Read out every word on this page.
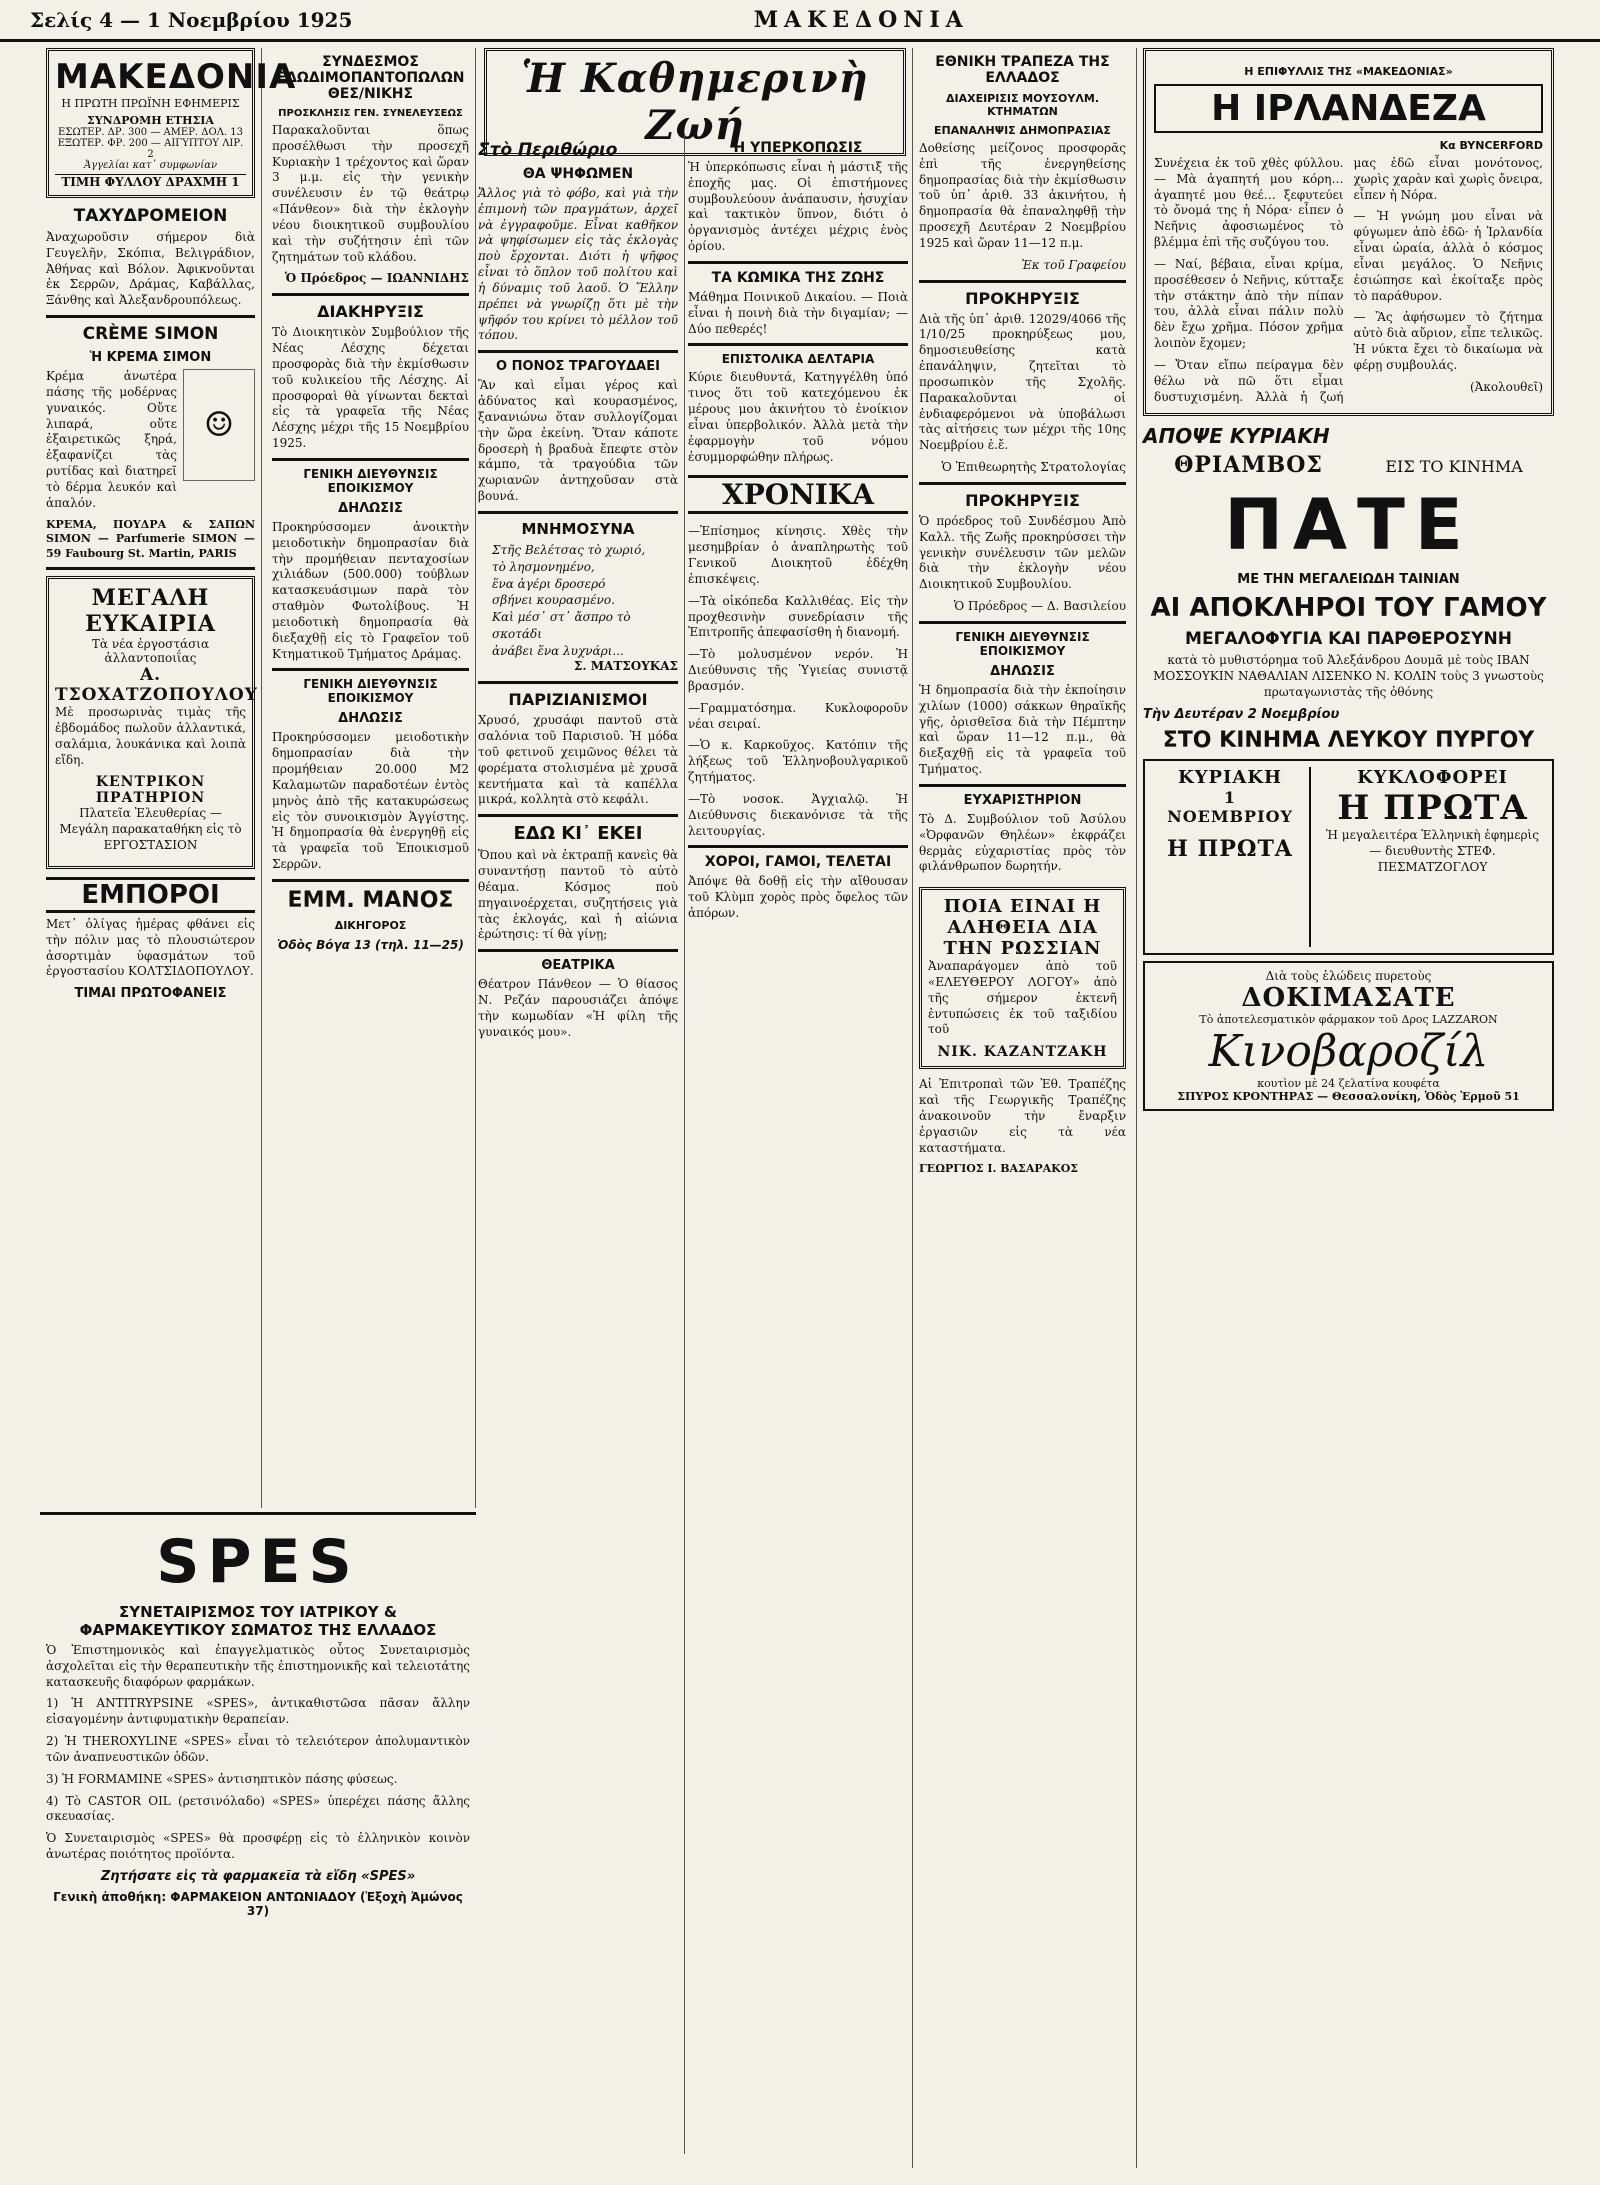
Σελίς 4 — 1 Νοεμβρίου 1925	ΜΑΚΕΔΟΝΙΑ
ΜΑΚΕΔΟΝΙΑ
Η ΠΡΩΤΗ ΠΡΩΪΝΗ ΕΦΗΜΕΡΙΣ
ΣΥΝΔΡΟΜΗ ΕΤΗΣΙΑ
ΕΣΩΤΕΡ. ΔΡ. 300 — ΑΜΕΡ. ΔΟΛ. 13
ΕΞΩΤΕΡ. ΦΡ. 200 — ΑΙΓΥΠΤΟΥ ΛΙΡ. 2
Ἀγγελίαι κατ᾽ συμφωνίαν
ΤΙΜΗ ΦΥΛΛΟΥ ΔΡΑΧΜΗ 1
ΤΑΧΥΔΡΟΜΕΙΟΝ

Ἀναχωροῦσιν σήμερον διὰ Γευγελῆν, Σκόπια, Βελιγράδιον, Ἀθήνας καὶ Βόλον. Ἀφικνοῦνται ἐκ Σερρῶν, Δράμας, Καβάλλας, Ξάνθης καὶ Ἀλεξανδρουπόλεως.

CRÈME SIMON
Ἡ ΚΡΕΜΑ ΣΙΜΟΝ

Κρέμα ἀνωτέρα πάσης τῆς μοδέρνας γυναικός. Οὔτε λιπαρά, οὔτε ἐξαιρετικῶς ξηρά, ἐξαφανίζει τὰς ρυτίδας καὶ διατηρεῖ τὸ δέρμα λευκόν καὶ ἁπαλόν.

☺

ΚΡΕΜΑ, ΠΟΥΔΡΑ & ΣΑΠΩΝ SIMON — Parfumerie SIMON — 59 Faubourg St. Martin, PARIS

ΜΕΓΑΛΗ ΕΥΚΑΙΡΙΑ
Τὰ νέα ἐργοστάσια ἀλλαντοποιΐας
Α. ΤΣΟΧΑΤΖΟΠΟΥΛΟΥ

Μὲ προσωρινὰς τιμὰς τῆς ἐβδομάδος πωλοῦν ἀλλαντικά, σαλάμια, λουκάνικα καὶ λοιπὰ εἴδη.

ΚΕΝΤΡΙΚΟΝ ΠΡΑΤΗΡΙΟΝ

Πλατεῖα Ἐλευθερίας — Μεγάλη παρακαταθήκη εἰς τὸ ΕΡΓΟΣΤΑΣΙΟΝ

ΕΜΠΟΡΟΙ

Μετ᾽ ὀλίγας ἡμέρας φθάνει εἰς τὴν πόλιν μας τὸ πλουσιώτερον ἀσορτιμὰν ὑφασμάτων τοῦ ἐργοστασίου ΚΟΛΤΣΙΔΟΠΟΥΛΟΥ.

ΤΙΜΑΙ ΠΡΩΤΟΦΑΝΕΙΣ
ΣΥΝΔΕΣΜΟΣ ΕΔΩΔΙΜΟΠΑΝΤΟΠΩΛΩΝ ΘΕΣ/ΝΙΚΗΣ
ΠΡΟΣΚΛΗΣΙΣ ΓΕΝ. ΣΥΝΕΛΕΥΣΕΩΣ

Παρακαλοῦνται ὅπως προσέλθωσι τὴν προσεχῆ Κυριακὴν 1 τρέχοντος καὶ ὥραν 3 μ.μ. εἰς τὴν γενικὴν συνέλευσιν ἐν τῷ θεάτρῳ «Πάνθεον» διὰ τὴν ἐκλογὴν νέου διοικητικοῦ συμβουλίου καὶ τὴν συζήτησιν ἐπὶ τῶν ζητημάτων τοῦ κλάδου.

Ὁ Πρόεδρος — ΙΩΑΝΝΙΔΗΣ

ΔΙΑΚΗΡΥΞΙΣ

Τὸ Διοικητικὸν Συμβούλιον τῆς Νέας Λέσχης δέχεται προσφορὰς διὰ τὴν ἐκμίσθωσιν τοῦ κυλικείου τῆς Λέσχης. Αἱ προσφοραὶ θὰ γίνωνται δεκταὶ εἰς τὰ γραφεῖα τῆς Νέας Λέσχης μέχρι τῆς 15 Νοεμβρίου 1925.

ΓΕΝΙΚΗ ΔΙΕΥΘΥΝΣΙΣ ΕΠΟΙΚΙΣΜΟΥ
ΔΗΛΩΣΙΣ

Προκηρύσσομεν ἀνοικτὴν μειοδοτικὴν δημοπρασίαν διὰ τὴν προμήθειαν πενταχοσίων χιλιάδων (500.000) τούβλων κατασκευάσιμων παρὰ τὸν σταθμὸν Φωτολίβους. Ἡ μειοδοτικὴ δημοπρασία θὰ διεξαχθῇ εἰς τὸ Γραφεῖον τοῦ Κτηματικοῦ Τμήματος Δράμας.

ΓΕΝΙΚΗ ΔΙΕΥΘΥΝΣΙΣ ΕΠΟΙΚΙΣΜΟΥ
ΔΗΛΩΣΙΣ

Προκηρύσσομεν μειοδοτικὴν δημοπρασίαν διὰ τὴν προμήθειαν 20.000 Μ2 Καλαμωτῶν παραδοτέων ἐντὸς μηνὸς ἀπὸ τῆς κατακυρώσεως εἰς τὸν συνοικισμὸν Ἁγγίστης. Ἡ δημοπρασία θὰ ἐνεργηθῇ εἰς τὰ γραφεῖα τοῦ Ἐποικισμοῦ Σερρῶν.

ΕΜΜ. ΜΑΝΟΣ
ΔΙΚΗΓΟΡΟΣ
Ὁδὸς Βόγα 13 (τηλ. 11—25)
SPES
ΣΥΝΕΤΑΙΡΙΣΜΟΣ ΤΟΥ ΙΑΤΡΙΚΟΥ & ΦΑΡΜΑΚΕΥΤΙΚΟΥ ΣΩΜΑΤΟΣ ΤΗΣ ΕΛΛΑΔΟΣ

Ὁ Ἐπιστημονικὸς καὶ ἐπαγγελματικὸς οὗτος Συνεταιρισμὸς ἀσχολεῖται εἰς τὴν θεραπευτικὴν τῆς ἐπιστημονικῆς καὶ τελειοτάτης κατασκευῆς διαφόρων φαρμάκων.

1) Ἡ ANTITRYPSINE «SPES», ἀντικαθιστῶσα πᾶσαν ἄλλην εἰσαγομένην ἀντιφυματικὴν θεραπείαν.

2) Ἡ THEROXYLINE «SPES» εἶναι τὸ τελειότερον ἀπολυμαντικὸν τῶν ἀναπνευστικῶν ὁδῶν.

3) Ἡ FORMAMINE «SPES» ἀντισηπτικὸν πάσης φύσεως.

4) Τὸ CASTOR OIL (ρετσινόλαδο) «SPES» ὑπερέχει πάσης ἄλλης σκευασίας.

Ὁ Συνεταιρισμὸς «SPES» θὰ προσφέρῃ εἰς τὸ ἑλληνικὸν κοινὸν ἀνωτέρας ποιότητος προϊόντα.

Ζητήσατε εἰς τὰ φαρμακεῖα τὰ εἴδη «SPES»
Γενικὴ ἀποθήκη: ΦΑΡΜΑΚΕΙΟΝ ΑΝΤΩΝΙΑΔΟΥ (Ἐξοχὴ Ἀμώνος 37)
Ἡ Καθημερινὴ Ζωή
Στὸ Περιθώριο
ΘΑ ΨΗΦΩΜΕΝ

Ἄλλος γιὰ τὸ φόβο, καὶ γιὰ τὴν ἐπιμονὴ τῶν πραγμάτων, ἀρχεῖ νὰ ἐγγραφοῦμε. Εἶναι καθῆκον νὰ ψηφίσωμεν εἰς τὰς ἐκλογὰς ποὺ ἔρχονται. Διότι ἡ ψῆφος εἶναι τὸ ὅπλον τοῦ πολίτου καὶ ἡ δύναμις τοῦ λαοῦ. Ὁ Ἕλλην πρέπει νὰ γνωρίζῃ ὅτι μὲ τὴν ψῆφόν του κρίνει τὸ μέλλον τοῦ τόπου.

Ο ΠΟΝΟΣ ΤΡΑΓΟΥΔΑΕΙ

Ἂν καὶ εἶμαι γέρος καὶ ἀδύνατος καὶ κουρασμένος, ξανανιώνω ὅταν συλλογίζομαι τὴν ὥρα ἐκείνη. Ὅταν κάποτε δροσερὴ ἡ βραδυὰ ἔπεφτε στὸν κάμπο, τὰ τραγούδια τῶν χωριανῶν ἀντηχοῦσαν στὰ βουνά.

ΜΝΗΜΟΣΥΝΑ
Στῆς Βελέτσας τὸ χωριό,
τὸ λησμονημένο,
ἕνα ἀγέρι δροσερό
σβήνει κουρασμένο.
Καὶ μέσ᾽ στ᾽ ἄσπρο τὸ σκοτάδι
ἀνάβει ἕνα λυχνάρι...

Σ. ΜΑΤΣΟΥΚΑΣ

ΠΑΡΙΖΙΑΝΙΣΜΟΙ

Χρυσό, χρυσάφι παντοῦ στὰ σαλόνια τοῦ Παρισιοῦ. Ἡ μόδα τοῦ φετινοῦ χειμῶνος θέλει τὰ φορέματα στολισμένα μὲ χρυσᾶ κεντήματα καὶ τὰ καπέλλα μικρά, κολλητὰ στὸ κεφάλι.

ΕΔΩ ΚΙ᾽ ΕΚΕΙ

Ὅπου καὶ νὰ ἐκτραπῇ κανεὶς θὰ συναντήσῃ παντοῦ τὸ αὐτὸ θέαμα. Κόσμος ποὺ πηγαινοέρχεται, συζητήσεις γιὰ τὰς ἐκλογάς, καὶ ἡ αἰώνια ἐρώτησις: τί θὰ γίνῃ;

ΘΕΑΤΡΙΚΑ

Θέατρον Πάνθεον — Ὁ θίασος Ν. Ρεζάν παρουσιάζει ἀπόψε τὴν κωμωδίαν «Ἡ φίλη τῆς γυναικός μου».

Η ΥΠΕΡΚΟΠΩΣΙΣ

Ἡ ὑπερκόπωσις εἶναι ἡ μάστιξ τῆς ἐποχῆς μας. Οἱ ἐπιστήμονες συμβουλεύουν ἀνάπαυσιν, ἡσυχίαν καὶ τακτικὸν ὕπνον, διότι ὁ ὀργανισμὸς ἀντέχει μέχρις ἑνὸς ὁρίου.

ΤΑ ΚΩΜΙΚΑ ΤΗΣ ΖΩΗΣ

Μάθημα Ποινικοῦ Δικαίου. — Ποιὰ εἶναι ἡ ποινὴ διὰ τὴν διγαμίαν; — Δύο πεθερές!

ΕΠΙΣΤΟΛΙΚΑ ΔΕΛΤΑΡΙΑ

Κύριε διευθυντά, Κατηγγέλθη ὑπό τινος ὅτι τοῦ κατεχόμενου ἐκ μέρους μου ἀκινήτου τὸ ἐνοίκιον εἶναι ὑπερβολικόν. Ἀλλὰ μετὰ τὴν ἐφαρμογὴν τοῦ νόμου ἐσυμμορφώθην πλήρως.

ΧΡΟΝΙΚΑ

—Ἐπίσημος κίνησις. Χθὲς τὴν μεσημβρίαν ὁ ἀναπληρωτὴς τοῦ Γενικοῦ Διοικητοῦ ἐδέχθη ἐπισκέψεις.

—Τὰ οἰκόπεδα Καλλιθέας. Εἰς τὴν προχθεσινὴν συνεδρίασιν τῆς Ἐπιτροπῆς ἀπεφασίσθη ἡ διανομή.

—Τὸ μολυσμένον νερόν. Ἡ Διεύθυνσις τῆς Ὑγιείας συνιστᾷ βρασμόν.

—Γραμματόσημα. Κυκλοφοροῦν νέαι σειραί.

—Ὁ κ. Καρκοῦχος. Κατόπιν τῆς λήξεως τοῦ Ἑλληνοβουλγαρικοῦ ζητήματος.

—Τὸ νοσοκ. Ἁγχιαλῷ. Ἡ Διεύθυνσις διεκανόνισε τὰ τῆς λειτουργίας.

ΧΟΡΟΙ, ΓΑΜΟΙ, ΤΕΛΕΤΑΙ

Ἀπόψε θὰ δοθῇ εἰς τὴν αἴθουσαν τοῦ Κλὺμπ χορὸς πρὸς ὄφελος τῶν ἀπόρων.

ΕΘΝΙΚΗ ΤΡΑΠΕΖΑ ΤΗΣ ΕΛΛΑΔΟΣ
ΔΙΑΧΕΙΡΙΣΙΣ ΜΟΥΣΟΥΛΜ. ΚΤΗΜΑΤΩΝ
ΕΠΑΝΑΛΗΨΙΣ ΔΗΜΟΠΡΑΣΙΑΣ

Δοθείσης μείζονος προσφορᾶς ἐπὶ τῆς ἐνεργηθείσης δημοπρασίας διὰ τὴν ἐκμίσθωσιν τοῦ ὑπ᾽ ἀριθ. 33 ἀκινήτου, ἡ δημοπρασία θὰ ἐπαναληφθῇ τὴν προσεχῆ Δευτέραν 2 Νοεμβρίου 1925 καὶ ὥραν 11—12 π.μ.

Ἐκ τοῦ Γραφείου

ΠΡΟΚΗΡΥΞΙΣ

Διὰ τῆς ὑπ᾽ ἀριθ. 12029/4066 τῆς 1/10/25 προκηρύξεως μου, δημοσιευθείσης κατὰ ἐπανάληψιν, ζητεῖται τὸ προσωπικὸν τῆς Σχολῆς. Παρακαλοῦνται οἱ ἐνδιαφερόμενοι νὰ ὑποβάλωσι τὰς αἰτήσεις των μέχρι τῆς 10ης Νοεμβρίου ἐ.ἔ.

Ὁ Ἐπιθεωρητὴς Στρατολογίας

ΠΡΟΚΗΡΥΞΙΣ

Ὁ πρόεδρος τοῦ Συνδέσμου Ἀπὸ Καλλ. τῆς Ζωῆς προκηρύσσει τὴν γενικὴν συνέλευσιν τῶν μελῶν διὰ τὴν ἐκλογὴν νέου Διοικητικοῦ Συμβουλίου.

Ὁ Πρόεδρος — Δ. Βασιλείου

ΓΕΝΙΚΗ ΔΙΕΥΘΥΝΣΙΣ ΕΠΟΙΚΙΣΜΟΥ
ΔΗΛΩΣΙΣ

Ἡ δημοπρασία διὰ τὴν ἐκποίησιν χιλίων (1000) σάκκων θηραϊκῆς γῆς, ὁρισθεῖσα διὰ τὴν Πέμπτην καὶ ὥραν 11—12 π.μ., θὰ διεξαχθῇ εἰς τὰ γραφεῖα τοῦ Τμήματος.

ΕΥΧΑΡΙΣΤΗΡΙΟΝ

Τὸ Δ. Συμβούλιον τοῦ Ἀσύλου «Ὀρφανῶν Θηλέων» ἐκφράζει θερμὰς εὐχαριστίας πρὸς τὸν φιλάνθρωπον δωρητήν.

ΠΟΙΑ ΕΙΝΑΙ Η ΑΛΗΘΕΙΑ ΔΙΑ ΤΗΝ ΡΩΣΣΙΑΝ

Ἀναπαράγομεν ἀπὸ τοῦ «ΕΛΕΥΘΕΡΟΥ ΛΟΓΟΥ» ἀπὸ τῆς σήμερον ἐκτενῆ ἐντυπώσεις ἐκ τοῦ ταξιδίου τοῦ

ΝΙΚ. ΚΑΖΑΝΤΖΑΚΗ

Αἱ Ἐπιτροπαὶ τῶν Ἐθ. Τραπέζης καὶ τῆς Γεωργικῆς Τραπέζης ἀνακοινοῦν τὴν ἔναρξιν ἐργασιῶν εἰς τὰ νέα καταστήματα.

ΓΕΩΡΓΙΟΣ Ι. ΒΑΣΑΡΑΚΟΣ

Η ΕΠΙΦΥΛΛΙΣ ΤΗΣ «ΜΑΚΕΔΟΝΙΑΣ»
Η ΙΡΛΑΝΔΕΖΑ
Κα BYNCERFORD

Συνέχεια ἐκ τοῦ χθὲς φύλλου. — Μὰ ἀγαπητή μου κόρη… ἀγαπητέ μου θεέ… ξεφυτεύει τὸ ὄνομά της ἡ Νόρα· εἶπεν ὁ Νεῆνις ἀφοσιωμένος τὸ βλέμμα ἐπὶ τῆς συζύγου του.

— Ναί, βέβαια, εἶναι κρίμα, προσέθεσεν ὁ Νεῆνις, κύτταξε τὴν στάκτην ἀπὸ τὴν πίπαν του, ἀλλὰ εἶναι πάλιν πολὺ δὲν ἔχω χρῆμα. Πόσον χρῆμα λοιπὸν ἔχομεν;

— Ὄταν εἴπω πείραγμα δὲν θέλω νὰ πῶ ὅτι εἶμαι δυστυχισμένη. Ἀλλὰ ἡ ζωή μας ἐδῶ εἶναι μονότονος, χωρὶς χαρὰν καὶ χωρὶς ὄνειρα, εἶπεν ἡ Νόρα.

— Ἡ γνώμη μου εἶναι νὰ φύγωμεν ἀπὸ ἐδῶ· ἡ Ἰρλανδία εἶναι ὡραία, ἀλλὰ ὁ κόσμος εἶναι μεγάλος. Ὁ Νεῆνις ἐσιώπησε καὶ ἐκοίταξε πρὸς τὸ παράθυρον.

— Ἂς ἀφήσωμεν τὸ ζήτημα αὐτὸ διὰ αὔριον, εἶπε τελικῶς. Ἡ νύκτα ἔχει τὸ δικαίωμα νὰ φέρῃ συμβουλάς.

(Ἀκολουθεῖ)

ΑΠΟΨΕ ΚΥΡΙΑΚΗ
ΘΡΙΑΜΒΟΣ	ΕΙΣ ΤΟ ΚΙΝΗΜΑ
ΠΑΤΕ
ΜΕ ΤΗΝ ΜΕΓΑΛΕΙΩΔΗ ΤΑΙΝΙΑΝ
ΑΙ ΑΠΟΚΛΗΡΟΙ ΤΟΥ ΓΑΜΟΥ
ΜΕΓΑΛΟΦΥΓΙΑ ΚΑΙ ΠΑΡΘΕΡΟΣΥΝΗ

κατὰ τὸ μυθιστόρημα τοῦ Ἀλεξάνδρου Δουμᾶ μὲ τοὺς ΙΒΑΝ ΜΟΣΣΟΥΚΙΝ ΝΑΘΑΛΙΑΝ ΛΙΣΕΝΚΟ Ν. ΚΟΛΙΝ τοὺς 3 γνωστοὺς πρωταγωνιστὰς τῆς ὀθόνης

Τὴν Δευτέραν 2 Νοεμβρίου
ΣΤΟ ΚΙΝΗΜΑ ΛΕΥΚΟΥ ΠΥΡΓΟΥ
ΚΥΡΙΑΚΗ
1
ΝΟΕΜΒΡΙΟΥ
Η ΠΡΩΤΑ
ΚΥΚΛΟΦΟΡΕΙ
Η ΠΡΩΤΑ

Ἡ μεγαλειτέρα Ἑλληνικὴ ἐφημερὶς — διευθυντὴς ΣΤΕΦ. ΠΕΣΜΑΤΖΟΓΛΟΥ

Διὰ τοὺς ἑλώδεις πυρετοὺς
ΔΟΚΙΜΑΣΑΤΕ
Τὸ ἀποτελεσματικὸν φάρμακον τοῦ Δρος LAZZARON
Κινοβαροζίλ
κουτὶον μὲ 24 ζελατίνα κουφέτα
ΣΠΥΡΟΣ ΚΡΟΝΤΗΡΑΣ — Θεσσαλονίκη, Ὁδὸς Ἑρμοῦ 51
